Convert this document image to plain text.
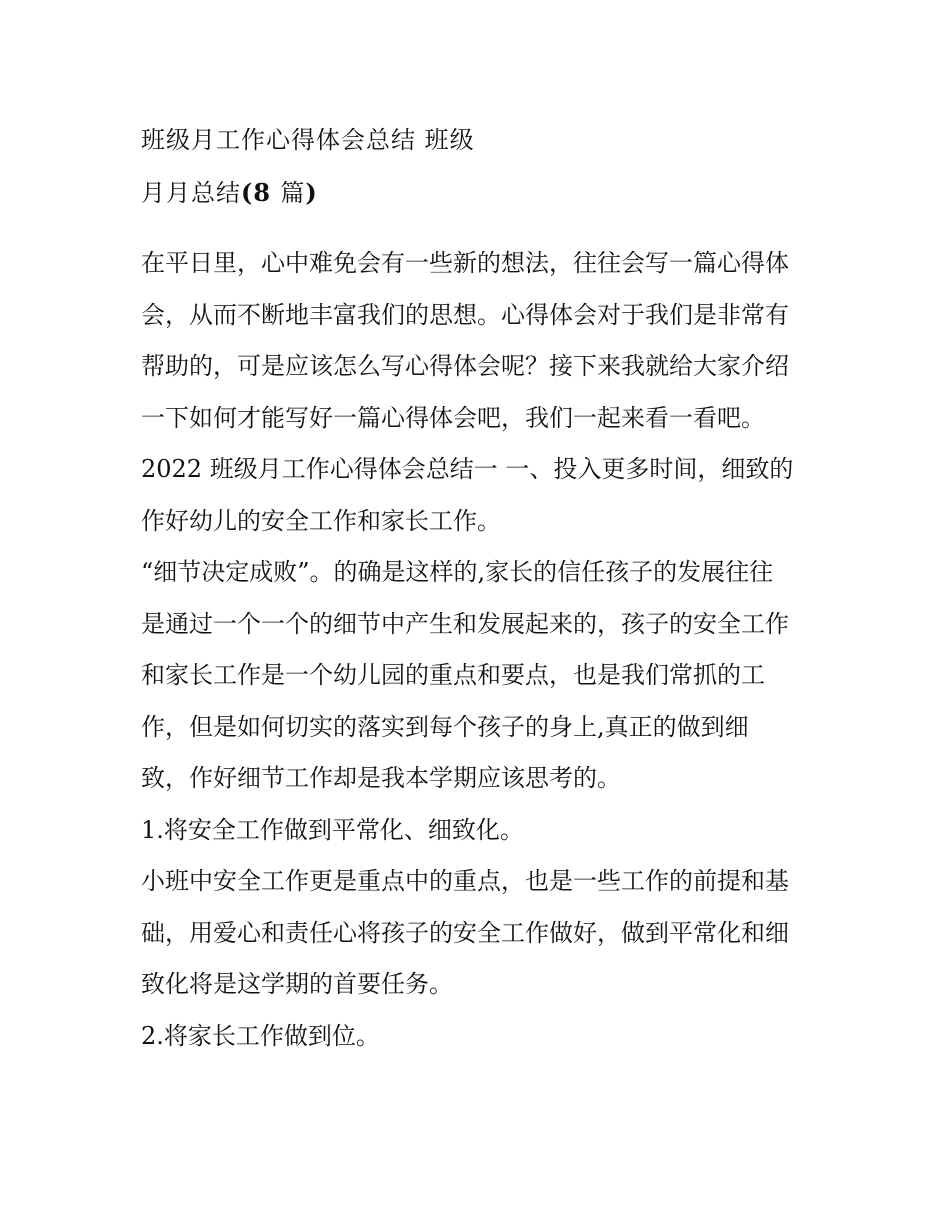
班级月工作心得体会总结 班级
月月总结(8 篇)
在平日里，心中难免会有一些新的想法，往往会写一篇心得体
会，从而不断地丰富我们的思想。心得体会对于我们是非常有
帮助的，可是应该怎么写心得体会呢？接下来我就给大家介绍
一下如何才能写好一篇心得体会吧，我们一起来看一看吧。
2022 班级月工作心得体会总结一 一、投入更多时间，细致的
作好幼儿的安全工作和家长工作。
“细节决定成败”。的确是这样的,家长的信任孩子的发展往往
是通过一个一个的细节中产生和发展起来的，孩子的安全工作
和家长工作是一个幼儿园的重点和要点，也是我们常抓的工
作，但是如何切实的落实到每个孩子的身上,真正的做到细
致，作好细节工作却是我本学期应该思考的。
1.将安全工作做到平常化、细致化。
小班中安全工作更是重点中的重点，也是一些工作的前提和基
础，用爱心和责任心将孩子的安全工作做好，做到平常化和细
致化将是这学期的首要任务。
2.将家长工作做到位。
